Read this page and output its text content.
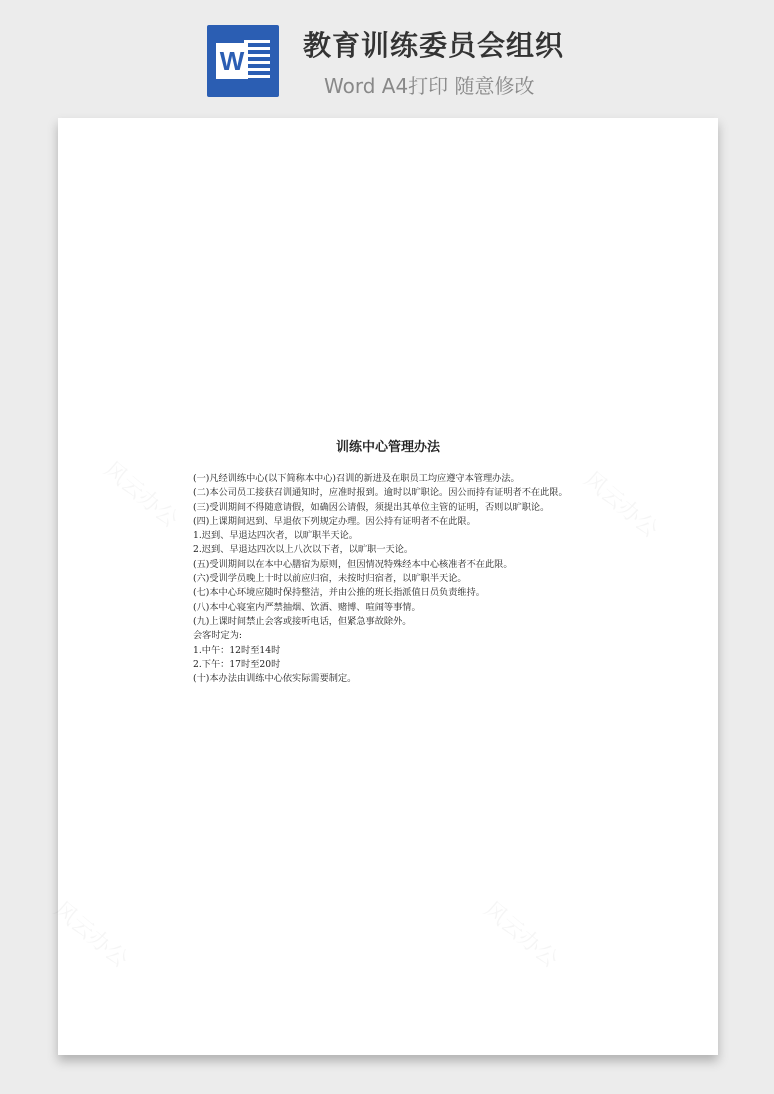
W 教育训练委员会组织
Word A4打印 随意修改
训练中心管理办法

(一)凡经训练中心(以下简称本中心)召训的新进及在职员工均应遵守本管理办法。

(二)本公司员工接获召训通知时，应准时报到。逾时以旷职论。因公而持有证明者不在此限。

(三)受训期间不得随意请假，如确因公请假，须提出其单位主管的证明，否则以旷职论。

(四)上课期间迟到、早退依下列规定办理。因公持有证明者不在此限。

1.迟到、早退达四次者，以旷职半天论。

2.迟到、早退达四次以上八次以下者，以旷职一天论。

(五)受训期间以在本中心膳宿为原则，但因情况特殊经本中心核准者不在此限。

(六)受训学员晚上十时以前应归宿，未按时归宿者，以旷职半天论。

(七)本中心环境应随时保持整洁，并由公推的班长指派值日员负责维持。

(八)本中心寝室内严禁抽烟、饮酒、赌博、喧闹等事情。

(九)上课时间禁止会客或接听电话，但紧急事故除外。

会客时定为:

1.中午：12时至14时

2.下午：17时至20时

(十)本办法由训练中心依实际需要制定。
